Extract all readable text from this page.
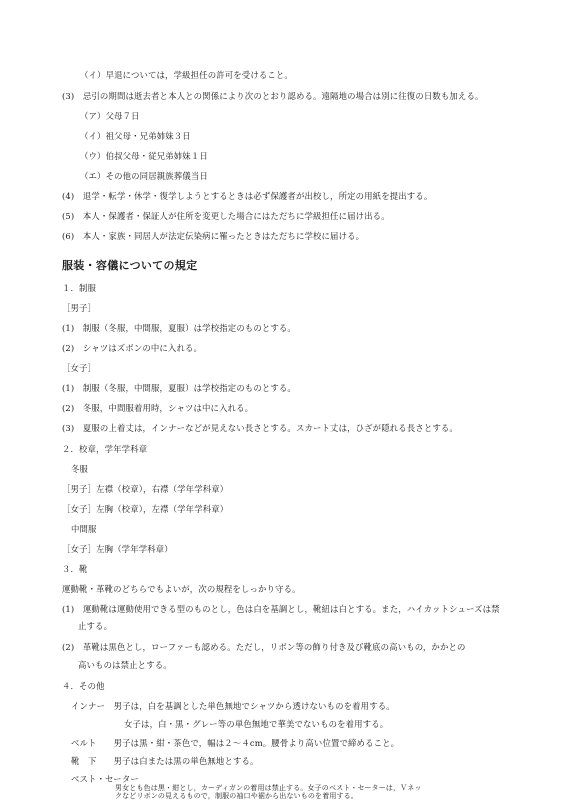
（イ）早退については，学級担任の許可を受けること。
(3)　忌引の期間は逝去者と本人との関係により次のとおり認める。遠隔地の場合は別に往復の日数も加える。
（ア）父母７日
（イ）祖父母・兄弟姉妹３日
（ウ）伯叔父母・従兄弟姉妹１日
（エ）その他の同居親族葬儀当日
(4)　退学・転学・休学・復学しようとするときは必ず保護者が出校し，所定の用紙を提出する。
(5)　本人・保護者・保証人が住所を変更した場合にはただちに学級担任に届け出る。
(6)　本人・家族・同居人が法定伝染病に罹ったときはただちに学校に届ける。
服装・容儀についての規定
１．制服
［男子］
(1)　制服（冬服，中間服，夏服）は学校指定のものとする。
(2)　シャツはズボンの中に入れる。
［女子］
(1)　制服（冬服，中間服，夏服）は学校指定のものとする。
(2)　冬服，中間服着用時，シャツは中に入れる。
(3)　夏服の上着丈は，インナーなどが見えない長さとする。スカート丈は，ひざが隠れる長さとする。
２．校章，学年学科章
冬服
［男子］左襟（校章），右襟（学年学科章）
［女子］左胸（校章），左襟（学年学科章）
中間服
［女子］左胸（学年学科章）
３．靴
運動靴・革靴のどちらでもよいが，次の規程をしっかり守る。
(1)　運動靴は運動使用できる型のものとし，色は白を基調とし，靴紐は白とする。また，ハイカットシューズは禁
止する。
(2)　革靴は黒色とし，ローファーも認める。ただし，リボン等の飾り付き及び靴底の高いもの，かかとの
高いものは禁止とする。
４．その他
インナー　男子は，白を基調とした単色無地でシャツから透けないものを着用する。
女子は，白・黒・グレー等の単色無地で華美でないものを着用する。
ベルト　　男子は黒・紺・茶色で，幅は２～４cm。腰骨より高い位置で締めること。
靴　下　　男子は白または黒の単色無地とする。
ベスト・セーター
男女とも色は黒・紺とし，カーディガンの着用は禁止する。女子のベスト・セーターは，Ｖネッ
クなどリボンの見えるもので，制服の袖口や裾から出ないものを着用する。
